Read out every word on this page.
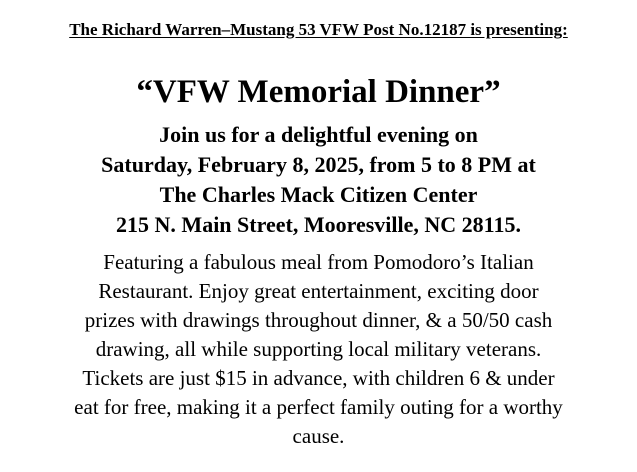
The Richard Warren–Mustang 53 VFW Post No.12187 is presenting:
“VFW Memorial Dinner”
Join us for a delightful evening on
Saturday, February 8, 2025, from 5 to 8 PM at
The Charles Mack Citizen Center
215 N. Main Street, Mooresville, NC 28115.
Featuring a fabulous meal from Pomodoro’s Italian
Restaurant. Enjoy great entertainment, exciting door
prizes with drawings throughout dinner, & a 50/50 cash
drawing, all while supporting local military veterans.
Tickets are just $15 in advance, with children 6 & under
eat for free, making it a perfect family outing for a worthy
cause.
